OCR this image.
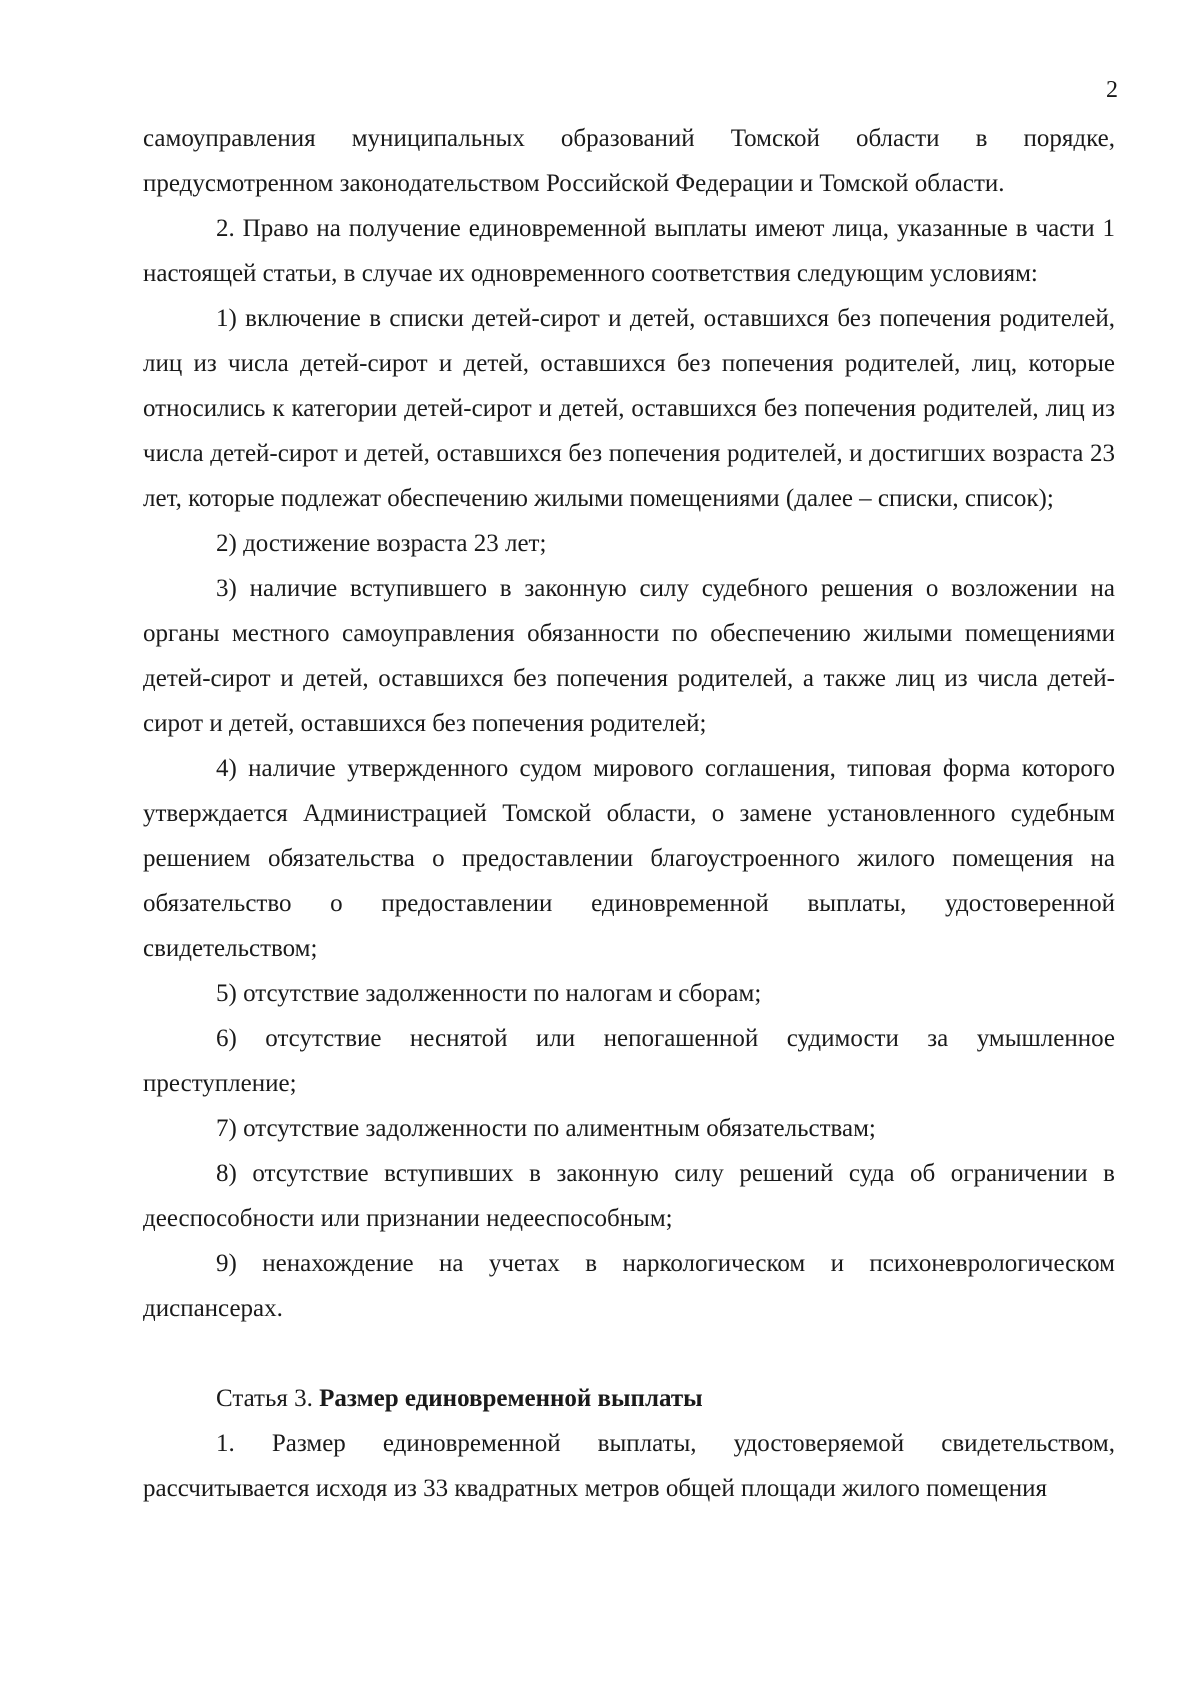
2

самоуправления муниципальных образований Томской области в порядке, предусмотренном законодательством Российской Федерации и Томской области.

2. Право на получение единовременной выплаты имеют лица, указанные в части 1 настоящей статьи, в случае их одновременного соответствия следующим условиям:

1) включение в списки детей-сирот и детей, оставшихся без попечения родителей, лиц из числа детей-сирот и детей, оставшихся без попечения родителей, лиц, которые относились к категории детей-сирот и детей, оставшихся без попечения родителей, лиц из числа детей-сирот и детей, оставшихся без попечения родителей, и достигших возраста 23 лет, которые подлежат обеспечению жилыми помещениями (далее – списки, список);

2) достижение возраста 23 лет;

3) наличие вступившего в законную силу судебного решения о возложении на органы местного самоуправления обязанности по обеспечению жилыми помещениями детей-сирот и детей, оставшихся без попечения родителей, а также лиц из числа детей-сирот и детей, оставшихся без попечения родителей;

4) наличие утвержденного судом мирового соглашения, типовая форма которого утверждается Администрацией Томской области, о замене установленного судебным решением обязательства о предоставлении благоустроенного жилого помещения на обязательство о предоставлении единовременной выплаты, удостоверенной свидетельством;

5) отсутствие задолженности по налогам и сборам;

6) отсутствие неснятой или непогашенной судимости за умышленное преступление;

7) отсутствие задолженности по алиментным обязательствам;

8) отсутствие вступивших в законную силу решений суда об ограничении в дееспособности или признании недееспособным;

9) ненахождение на учетах в наркологическом и психоневрологическом диспансерах.

Статья 3. Размер единовременной выплаты

1. Размер единовременной выплаты, удостоверяемой свидетельством, рассчитывается исходя из 33 квадратных метров общей площади жилого помещения
